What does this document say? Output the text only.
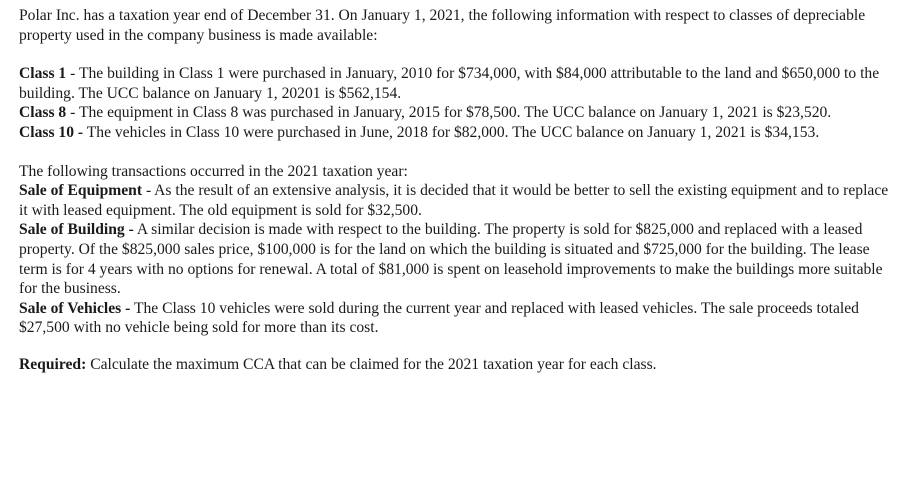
Polar Inc. has a taxation year end of December 31. On January 1, 2021, the following information with respect to classes of depreciable property used in the company business is made available:

Class 1 - The building in Class 1 were purchased in January, 2010 for $734,000, with $84,000 attributable to the land and $650,000 to the building. The UCC balance on January 1, 20201 is $562,154.

Class 8 - The equipment in Class 8 was purchased in January, 2015 for $78,500. The UCC balance on January 1, 2021 is $23,520.

Class 10 - The vehicles in Class 10 were purchased in June, 2018 for $82,000. The UCC balance on January 1, 2021 is $34,153.

The following transactions occurred in the 2021 taxation year:

Sale of Equipment - As the result of an extensive analysis, it is decided that it would be better to sell the existing equipment and to replace it with leased equipment. The old equipment is sold for $32,500.

Sale of Building - A similar decision is made with respect to the building. The property is sold for $825,000 and replaced with a leased property. Of the $825,000 sales price, $100,000 is for the land on which the building is situated and $725,000 for the building. The lease term is for 4 years with no options for renewal. A total of $81,000 is spent on leasehold improvements to make the buildings more suitable for the business.

Sale of Vehicles - The Class 10 vehicles were sold during the current year and replaced with leased vehicles. The sale proceeds totaled $27,500 with no vehicle being sold for more than its cost.

Required: Calculate the maximum CCA that can be claimed for the 2021 taxation year for each class.
